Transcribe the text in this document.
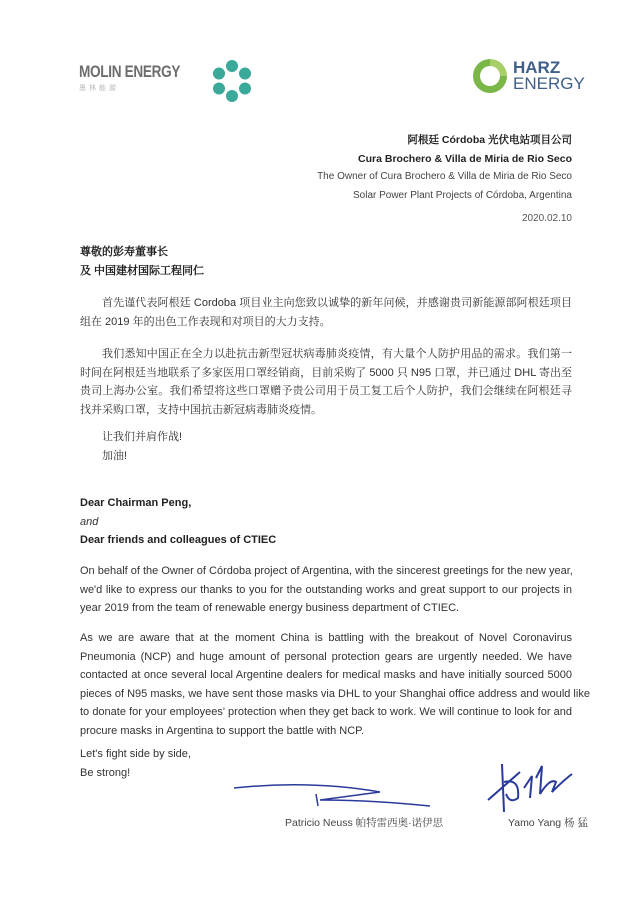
MOLIN ENERGY
墨林能源
HARZ
ENERGY
阿根廷 Córdoba 光伏电站项目公司
Cura Brochero & Villa de Miria de Rio Seco
The Owner of Cura Brochero & Villa de Miria de Rio Seco
Solar Power Plant Projects of Córdoba, Argentina
2020.02.10
尊敬的彭寿董事长
及 中国建材国际工程同仁
首先谨代表阿根廷 Cordoba 项目业主向您致以诚挚的新年问候，并感谢贵司新能源部阿根廷项目
组在 2019 年的出色工作表现和对项目的大力支持。
我们悉知中国正在全力以赴抗击新型冠状病毒肺炎疫情，有大量个人防护用品的需求。我们第一
时间在阿根廷当地联系了多家医用口罩经销商，目前采购了 5000 只 N95 口罩，并已通过 DHL 寄出至
贵司上海办公室。我们希望将这些口罩赠予贵公司用于员工复工后个人防护，我们会继续在阿根廷寻
找并采购口罩，支持中国抗击新冠病毒肺炎疫情。
让我们并肩作战!
加油!
Dear Chairman Peng,
and
Dear friends and colleagues of CTIEC
On behalf of the Owner of Córdoba project of Argentina, with the sincerest greetings for the new year,
we'd like to express our thanks to you for the outstanding works and great support to our projects in
year 2019 from the team of renewable energy business department of CTIEC.
As we are aware that at the moment China is battling with the breakout of Novel Coronavirus
Pneumonia (NCP) and huge amount of personal protection gears are urgently needed. We have
contacted at once several local Argentine dealers for medical masks and have initially sourced 5000
pieces of N95 masks, we have sent those masks via DHL to your Shanghai office address and would like
to donate for your employees' protection when they get back to work. We will continue to look for and
procure masks in Argentina to support the battle with NCP.
Let's fight side by side,
Be strong!
Patricio Neuss 帕特雷西奥·诺伊思	Yamo Yang 杨 猛
